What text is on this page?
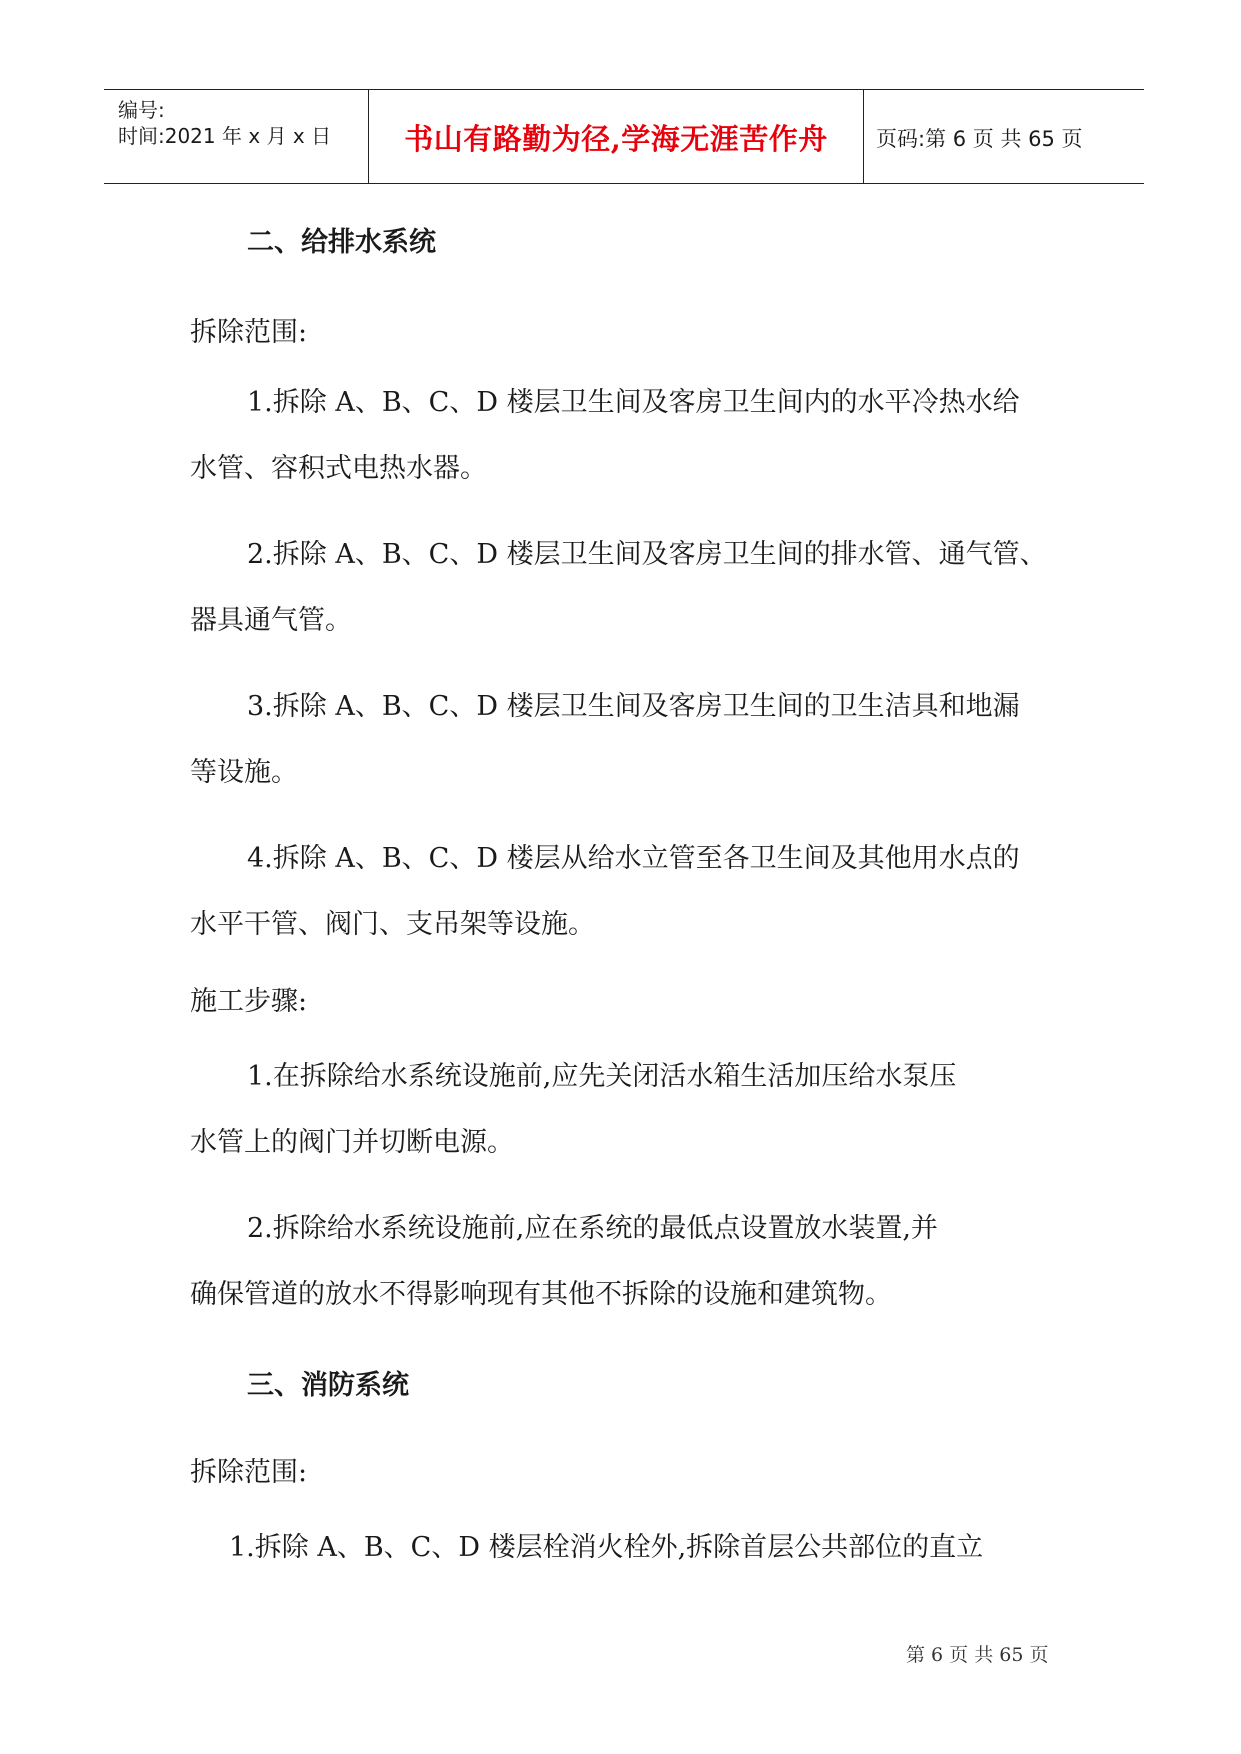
编号:
时间:2021 年 x 月 x 日	书山有路勤为径,学海无涯苦作舟	页码:第 6 页 共 65 页
二、给排水系统
拆除范围:
1.拆除 A、B、C、D 楼层卫生间及客房卫生间内的水平冷热水给
水管、容积式电热水器。
2.拆除 A、B、C、D 楼层卫生间及客房卫生间的排水管、通气管、
器具通气管。
3.拆除 A、B、C、D 楼层卫生间及客房卫生间的卫生洁具和地漏
等设施。
4.拆除 A、B、C、D 楼层从给水立管至各卫生间及其他用水点的
水平干管、阀门、支吊架等设施。
施工步骤:
1.在拆除给水系统设施前,应先关闭活水箱生活加压给水泵压
水管上的阀门并切断电源。
2.拆除给水系统设施前,应在系统的最低点设置放水装置,并
确保管道的放水不得影响现有其他不拆除的设施和建筑物。
三、消防系统
拆除范围:
1.拆除 A、B、C、D 楼层栓消火栓外,拆除首层公共部位的直立
第 6 页 共 65 页
